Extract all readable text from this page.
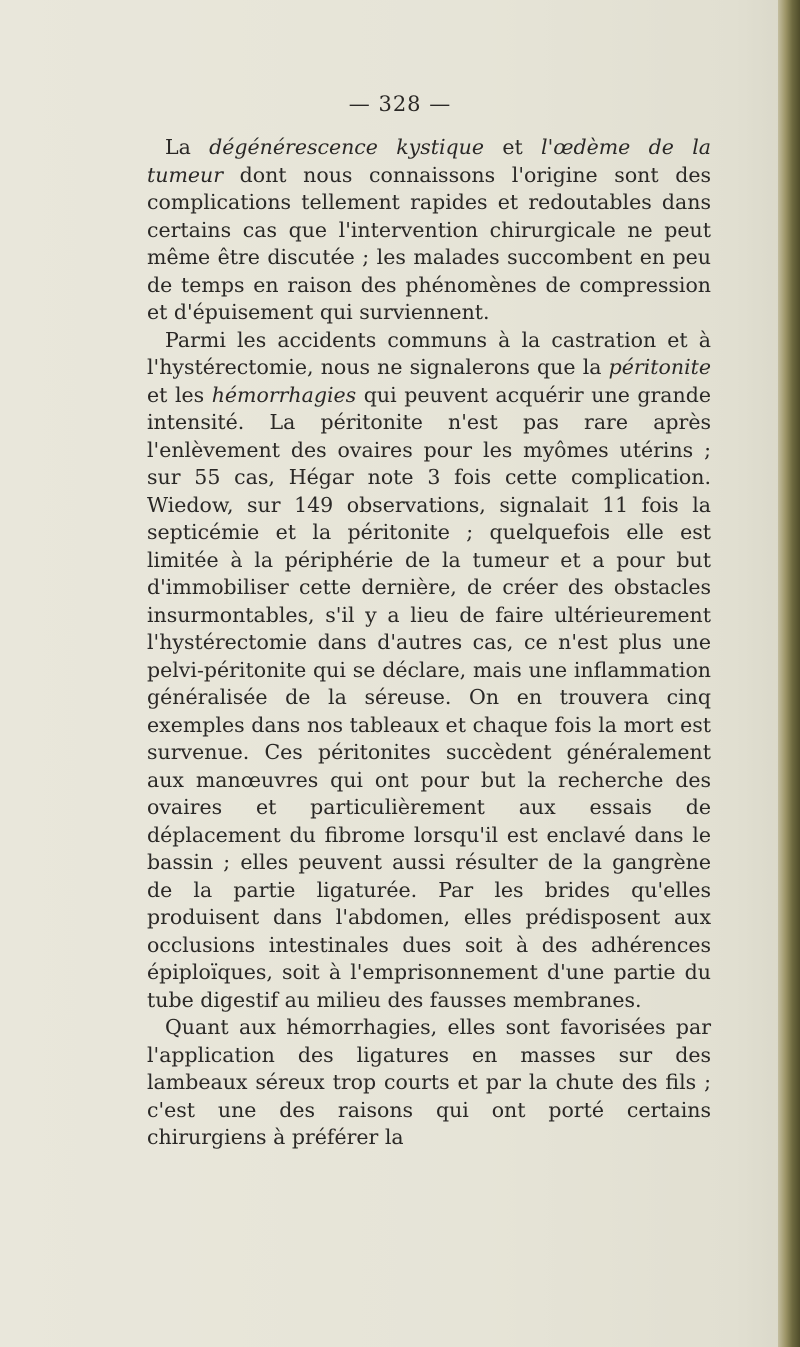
— 328 —

La dégénérescence kystique et l'œdème de la tumeur dont nous connaissons l'origine sont des complications tellement rapides et redoutables dans certains cas que l'intervention chirurgicale ne peut même être discutée ; les malades succombent en peu de temps en raison des phénomènes de compression et d'épuisement qui surviennent.

Parmi les accidents communs à la castration et à l'hystérectomie, nous ne signalerons que la péritonite et les hémorrhagies qui peuvent acquérir une grande intensité. La péritonite n'est pas rare après l'enlèvement des ovaires pour les myômes utérins ; sur 55 cas, Hégar note 3 fois cette complication. Wiedow, sur 149 observations, signalait 11 fois la septicémie et la péritonite ; quelquefois elle est limitée à la périphérie de la tumeur et a pour but d'immobiliser cette dernière, de créer des obstacles insurmontables, s'il y a lieu de faire ultérieurement l'hystérectomie dans d'autres cas, ce n'est plus une pelvi-péritonite qui se déclare, mais une inflammation généralisée de la séreuse. On en trouvera cinq exemples dans nos tableaux et chaque fois la mort est survenue. Ces péritonites succèdent généralement aux manœuvres qui ont pour but la recherche des ovaires et particulièrement aux essais de déplacement du fibrome lorsqu'il est enclavé dans le bassin ; elles peuvent aussi résulter de la gangrène de la partie ligaturée. Par les brides qu'elles produisent dans l'abdomen, elles prédisposent aux occlusions intestinales dues soit à des adhérences épiploïques, soit à l'emprisonnement d'une partie du tube digestif au milieu des fausses membranes.

Quant aux hémorrhagies, elles sont favorisées par l'application des ligatures en masses sur des lambeaux séreux trop courts et par la chute des fils ; c'est une des raisons qui ont porté certains chirurgiens à préférer la
